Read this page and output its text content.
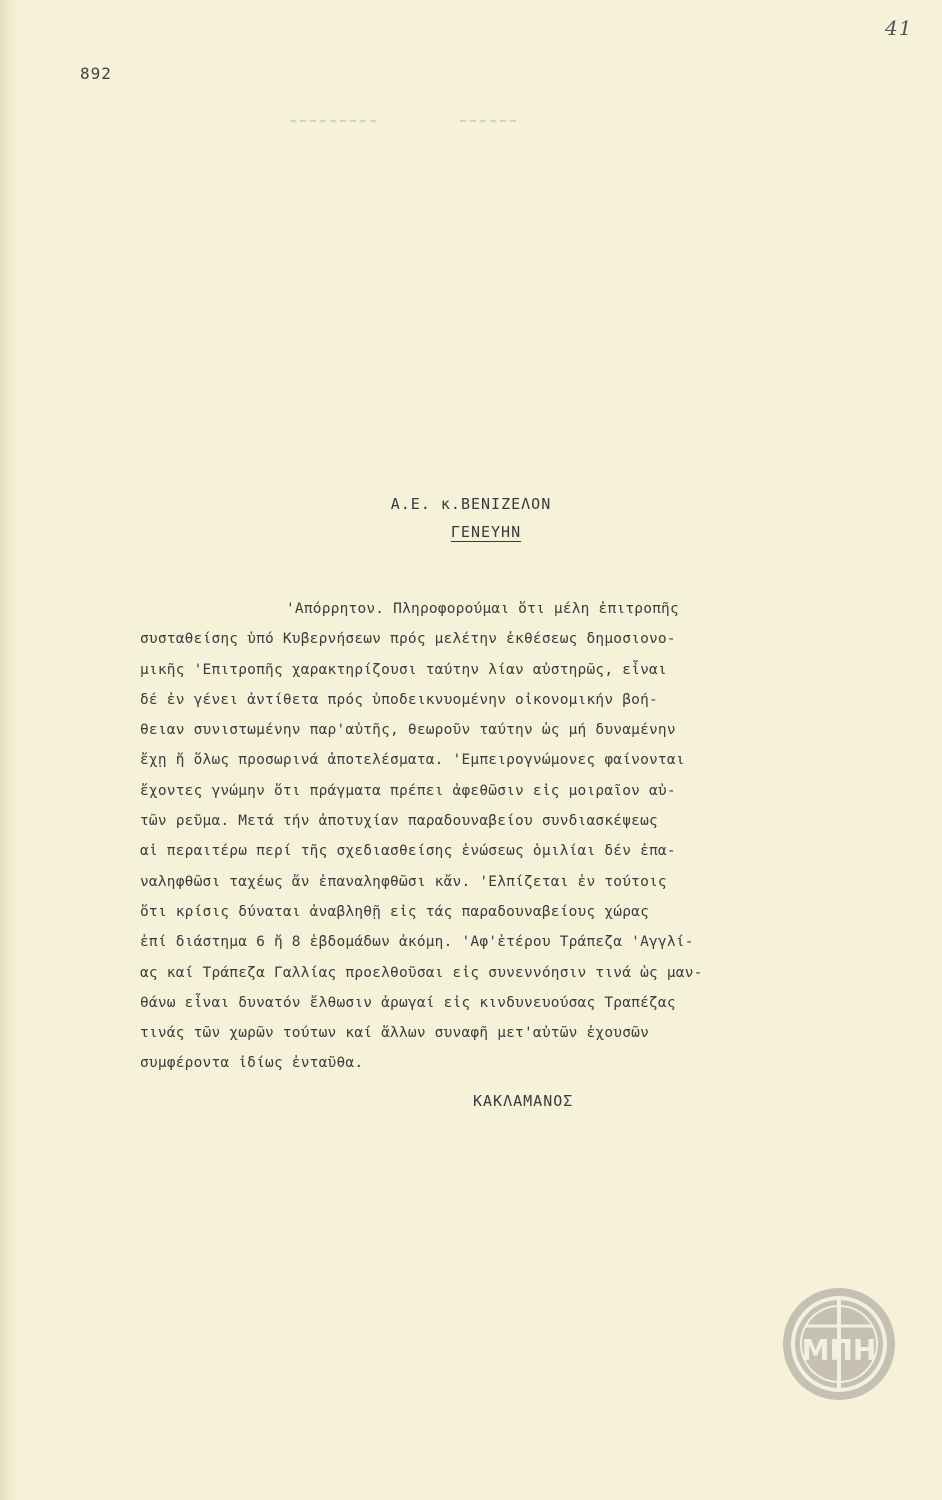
892
41
Α.Ε. κ.ΒΕΝΙΖΕΛΟΝ
ΓΕΝΕΥΗΝ
'Απόρρητον. Πληροφορούμαι ὅτι μέλη ἐπιτροπῆς
συσταθείσης ὑπό Κυβερνήσεων πρός μελέτην ἐκθέσεως δημοσιονο-
μικῆς 'Επιτροπῆς χαρακτηρίζουσι ταύτην λίαν αὐστηρῶς, εἶναι
δέ ἐν γένει ἀντίθετα πρός ὑποδεικνυομένην οἰκονομικήν βοή-
θειαν συνιστωμένην παρ'αὐτῆς, θεωροῦν ταύτην ὡς μή δυναμένην
ἔχῃ ἤ ὅλως προσωρινά ἀποτελέσματα. 'Εμπειρογνώμονες φαίνονται
ἔχοντες γνώμην ὅτι πράγματα πρέπει ἀφεθῶσιν εἰς μοιραῖον αὐ-
τῶν ρεῦμα. Μετά τήν ἀποτυχίαν παραδουναβείου συνδιασκέψεως
αἱ περαιτέρω περί τῆς σχεδιασθείσης ἑνώσεως ὁμιλίαι δέν ἐπα-
ναληφθῶσι ταχέως ἄν ἐπαναληφθῶσι κἄν. 'Ελπίζεται ἐν τούτοις
ὅτι κρίσις δύναται ἀναβληθῇ εἰς τάς παραδουναβείους χώρας
ἐπί διάστημα 6 ἤ 8 ἑβδομάδων ἀκόμη. 'Αφ'ἑτέρου Τράπεζα 'Αγγλί-
ας καί Τράπεζα Γαλλίας προελθοῦσαι εἰς συνεννόησιν τινά ὡς μαν-
θάνω εἶναι δυνατόν ἔλθωσιν ἀρωγαί εἰς κινδυνευούσας Τραπέζας
τινάς τῶν χωρῶν τούτων καί ἄλλων συναφῆ μετ'αὐτῶν ἐχουσῶν
συμφέροντα ἰδίως ἐνταῦθα.
ΚΑΚΛΑΜΑΝΟΣ
ΜΠΗ
